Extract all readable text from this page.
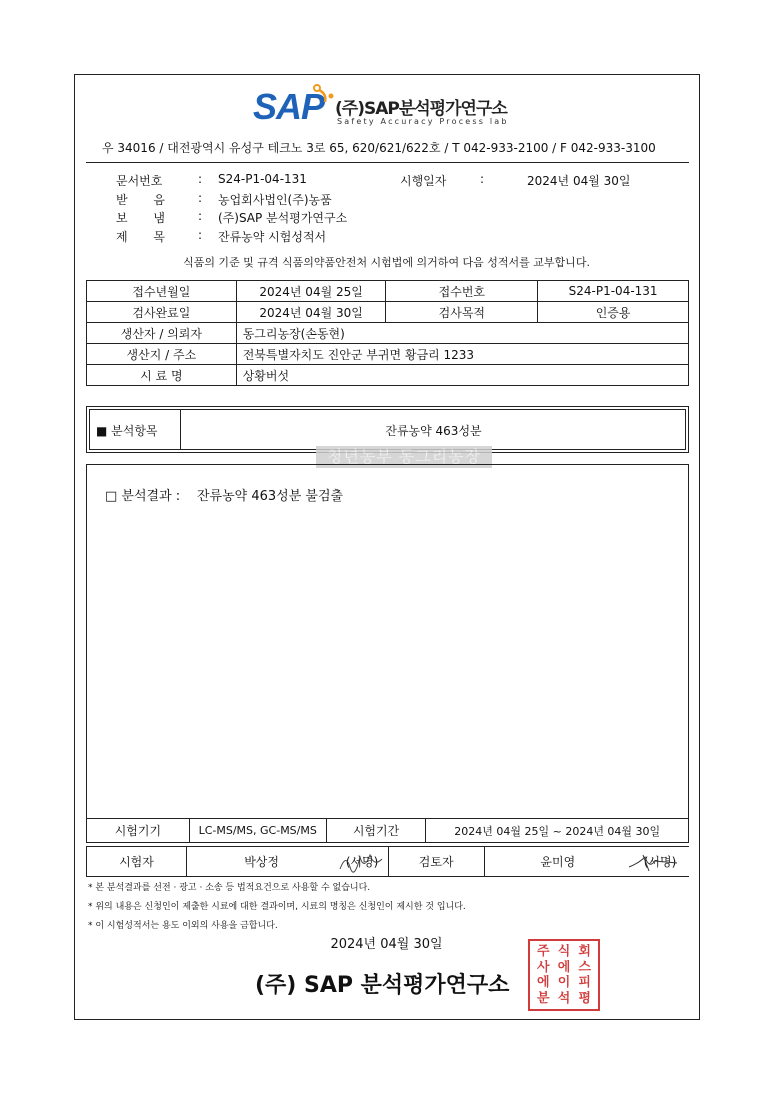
SAP (주)SAP분석평가연구소
Safety Accuracy Process lab
우 34016 / 대전광역시 유성구 테크노 3로 65, 620/621/622호 / T 042-933-2100 / F 042-933-3100
문서번호	: S24-P1-04-131	시행일자	:	2024년 04월 30일
받 음	: 농업회사법인(주)농품
보 냄	: (주)SAP 분석평가연구소
제 목	: 잔류농약 시험성적서
식품의 기준 및 규격 식품의약품안전처 시험법에 의거하여 다음 성적서를 교부합니다.
접수년월일	2024년 04월 25일	접수번호	S24-P1-04-131
검사완료일	2024년 04월 30일	검사목적	인증용
생산자 / 의뢰자	동그리농장(손동현)		
생산지 / 주소	전북특별자치도 진안군 부귀면 황금리 1233		
시 료 명	상황버섯		
■ 분석항목	잔류농약 463성분
청년농부 동그리농장
□ 분석결과 : 잔류농약 463성분 불검출
시험기기	LC-MS/MS, GC-MS/MS	시험기간	2024년 04월 25일 ~ 2024년 04월 30일
시험자	박상정	(서명)	검토자	윤미영	(서명)
* 본 분석결과를 선전 · 광고 · 소송 등 법적요건으로 사용할 수 없습니다.
* 위의 내용은 신청인이 제출한 시료에 대한 결과이며, 시료의 명칭은 신청인이 제시한 것 입니다.
* 이 시험성적서는 용도 이외의 사용을 금합니다.
2024년 04월 30일
(주) SAP 분석평가연구소
주 식 회
사 에 스
에 이 피
분 석 평
